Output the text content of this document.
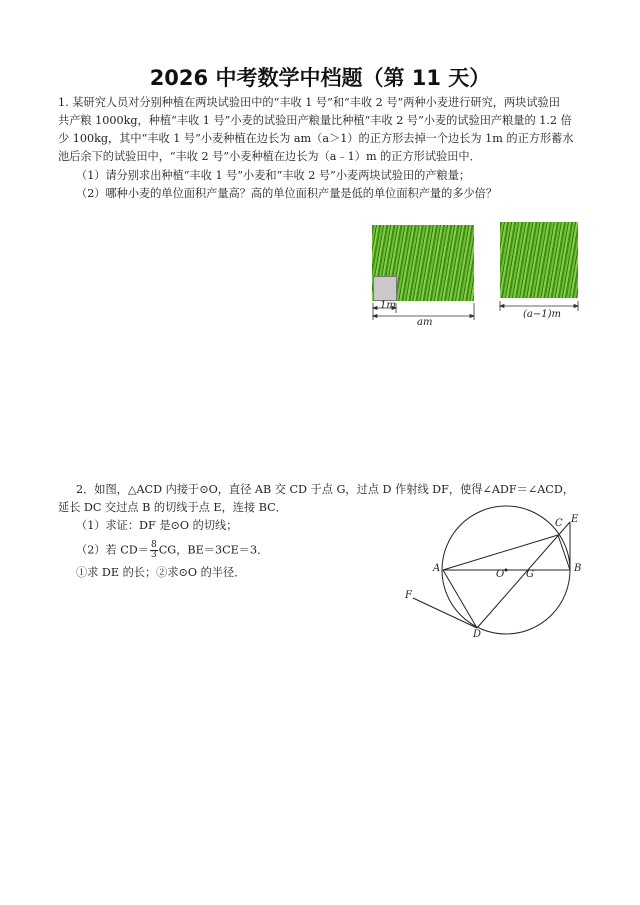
2026 中考数学中档题（第 11 天）
1. 某研究人员对分别种植在两块试验田中的“丰收 1 号”和“丰收 2 号”两种小麦进行研究，两块试验田
共产粮 1000kg，种植“丰收 1 号”小麦的试验田产粮量比种植“丰收 2 号”小麦的试验田产粮量的 1.2 倍
少 100kg，其中“丰收 1 号”小麦种植在边长为 am（a＞1）的正方形去掉一个边长为 1m 的正方形蓄水
池后余下的试验田中，“丰收 2 号”小麦种植在边长为（a﹣1）m 的正方形试验田中．
（1）请分别求出种植“丰收 1 号”小麦和“丰收 2 号”小麦两块试验田的产粮量；
（2）哪种小麦的单位面积产量高？高的单位面积产量是低的单位面积产量的多少倍？
1m
am
(a−1)m
2．如图，△ACD 内接于⊙O，直径 AB 交 CD 于点 G，过点 D 作射线 DF，使得∠ADF＝∠ACD，
延长 DC 交过点 B 的切线于点 E，连接 BC．
（1）求证：DF 是⊙O 的切线；
（2）若 $CD= \frac{8}{3}$ CG，BE＝3CE＝3．
①求 DE 的长；②求⊙O 的半径．	A	B
C E
D
F
O G
